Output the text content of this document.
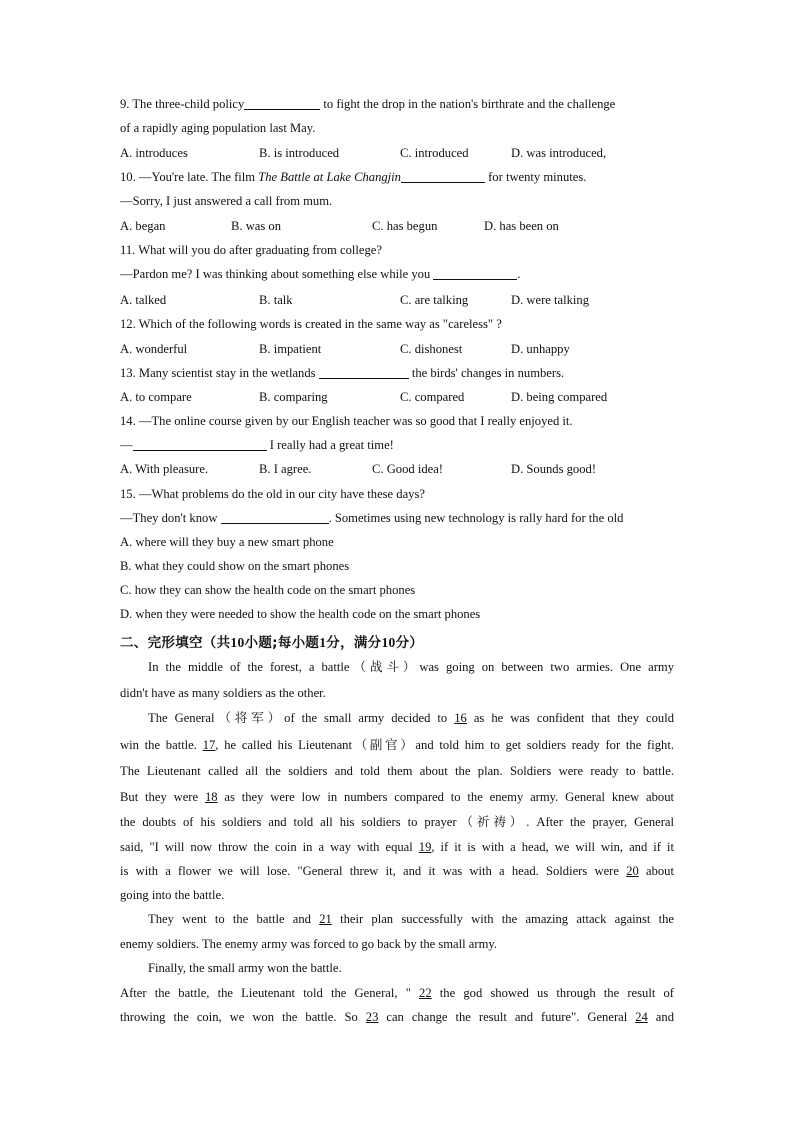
9. The three-child policy	to fight the drop in the nation's birthrate and the challenge
of a rapidly aging population last May.
A. introduces	B. is introduced	C. introduced	D. was introduced,
10. —You're late. The film The Battle at Lake Changjin	for twenty minutes.
—Sorry, I just answered a call from mum.
A. began	B. was on	C. has begun	D. has been on
11. What will you do after graduating from college?
—Pardon me? I was thinking about something else while you	.
A. talked	B. talk	C. are talking	D. were talking
12. Which of the following words is created in the same way as "careless" ?
A. wonderful	B. impatient	C. dishonest	D. unhappy
13. Many scientist stay in the wetlands	the birds' changes in numbers.
A. to compare	B. comparing	C. compared	D. being compared
14. —The online course given by our English teacher was so good that I really enjoyed it.
—	I really had a great time!
A. With pleasure.	B. I agree.	C. Good idea!	D. Sounds good!
15. —What problems do the old in our city have these days?
—They don't know	. Sometimes using new technology is rally hard for the old
A. where will they buy a new smart phone
B. what they could show on the smart phones
C. how they can show the health code on the smart phones
D. when they were needed to show the health code on the smart phones
二、完形填空（共10小题;每小题1分，满分10分）
In the middle of the forest, a battle（战斗）was going on between two armies. One army
didn't have as many soldiers as the other.
The General（将军）of the small army decided to 16 as he was confident that they could
win the battle. 17, he called his Lieutenant（副官）and told him to get soldiers ready for the fight.
The Lieutenant called all the soldiers and told them about the plan. Soldiers were ready to battle.
But they were 18 as they were low in numbers compared to the enemy army. General knew about
the doubts of his soldiers and told all his soldiers to prayer（祈祷）. After the prayer, General
said, "I will now throw the coin in a way with equal 19, if it is with a head, we will win, and if it
is with a flower we will lose. "General threw it, and it was with a head. Soldiers were 20 about
going into the battle.
They went to the battle and 21 their plan successfully with the amazing attack against the
enemy soldiers. The enemy army was forced to go back by the small army.
Finally, the small army won the battle.
After the battle, the Lieutenant told the General, " 22 the god showed us through the result of
throwing the coin, we won the battle. So 23 can change the result and future". General 24 and
